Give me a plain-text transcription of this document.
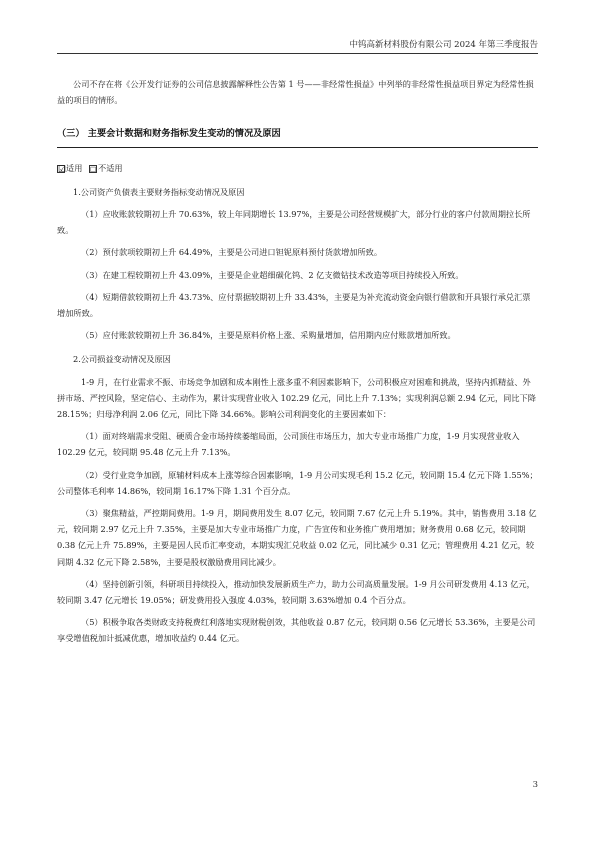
中钨高新材料股份有限公司 2024 年第三季度报告

公司不存在将《公开发行证券的公司信息披露解释性公告第 1 号——非经常性损益》中列举的非经常性损益项目界定为经常性损益的项目的情形。

（三） 主要会计数据和财务指标发生变动的情况及原因

☑适用 ☐ 不适用

1.公司资产负债表主要财务指标变动情况及原因

（1）应收账款较期初上升 70.63%，较上年同期增长 13.97%，主要是公司经营规模扩大，部分行业的客户付款周期拉长所致。

（2）预付款项较期初上升 64.49%，主要是公司进口钽铌原料预付货款增加所致。

（3）在建工程较期初上升 43.09%，主要是企业超细碳化钨、2 亿支微钻技术改造等项目持续投入所致。

（4）短期借款较期初上升 43.73%、应付票据较期初上升 33.43%，主要是为补充流动资金向银行借款和开具银行承兑汇票增加所致。

（5）应付账款较期初上升 36.84%，主要是原料价格上涨、采购量增加，信用期内应付账款增加所致。

2.公司损益变动情况及原因

1-9 月，在行业需求不振、市场竞争加剧和成本刚性上涨多重不利因素影响下，公司积极应对困难和挑战，坚持内抓精益、外拼市场、严控风险，坚定信心、主动作为，累计实现营业收入 102.29 亿元，同比上升 7.13%；实现利润总额 2.94 亿元，同比下降 28.15%；归母净利润 2.06 亿元，同比下降 34.66%。影响公司利润变化的主要因素如下：

（1）面对终端需求受阻、硬质合金市场持续萎缩局面，公司顶住市场压力，加大专业市场推广力度，1-9 月实现营业收入 102.29 亿元，较同期 95.48 亿元上升 7.13%。

（2）受行业竞争加剧，原辅材料成本上涨等综合因素影响，1-9 月公司实现毛利 15.2 亿元，较同期 15.4 亿元下降 1.55%；公司整体毛利率 14.86%，较同期 16.17%下降 1.31 个百分点。

（3）聚焦精益，严控期间费用。1-9 月，期间费用发生 8.07 亿元，较同期 7.67 亿元上升 5.19%。其中，销售费用 3.18 亿元，较同期 2.97 亿元上升 7.35%，主要是加大专业市场推广力度，广告宣传和业务推广费用增加；财务费用 0.68 亿元，较同期 0.38 亿元上升 75.89%，主要是因人民币汇率变动，本期实现汇兑收益 0.02 亿元，同比减少 0.31 亿元；管理费用 4.21 亿元，较同期 4.32 亿元下降 2.58%，主要是股权激励费用同比减少。

（4）坚持创新引领，科研项目持续投入，推动加快发展新质生产力，助力公司高质量发展。1-9 月公司研发费用 4.13 亿元，较同期 3.47 亿元增长 19.05%；研发费用投入强度 4.03%，较同期 3.63%增加 0.4 个百分点。

（5）积极争取各类财政支持税费红利落地实现财税创效，其他收益 0.87 亿元，较同期 0.56 亿元增长 53.36%，主要是公司享受增值税加计抵减优惠，增加收益约 0.44 亿元。

3
